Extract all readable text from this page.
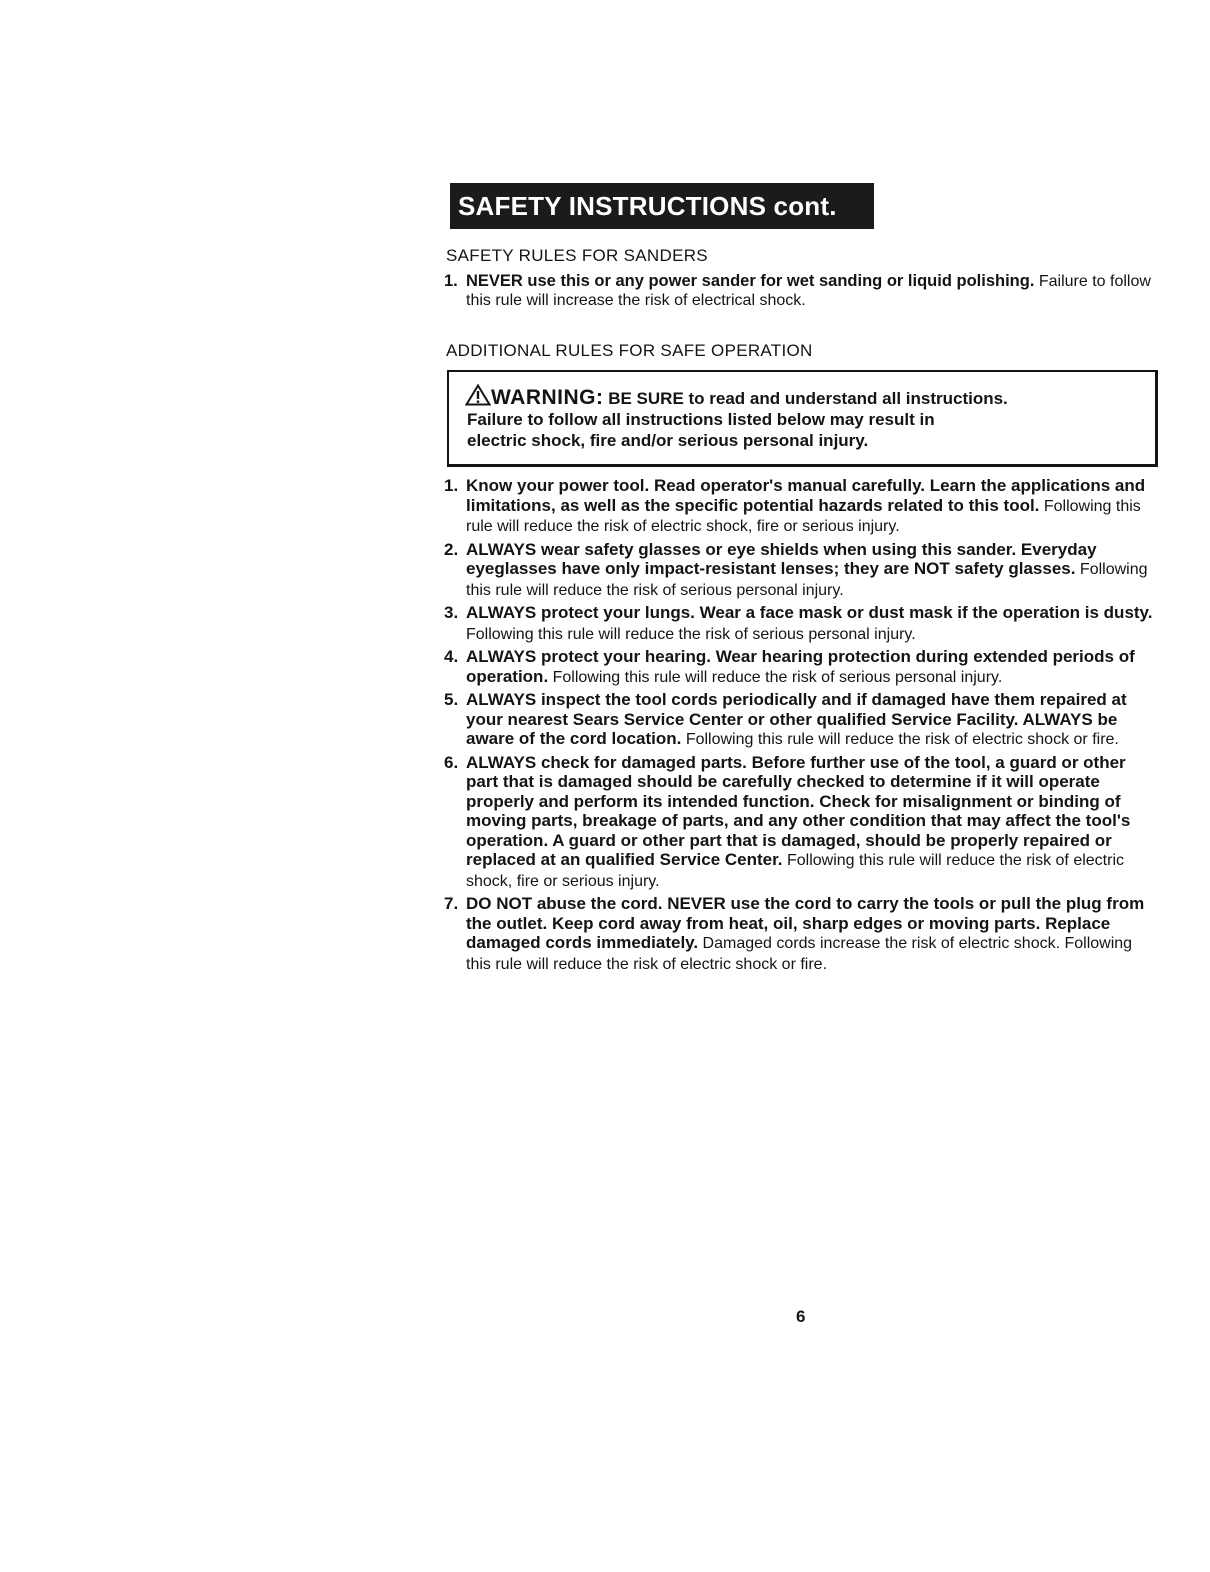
SAFETY INSTRUCTIONS cont.
SAFETY RULES FOR SANDERS
1. NEVER use this or any power sander for wet sanding or liquid polishing. Failure to follow this rule will increase the risk of electrical shock.
ADDITIONAL RULES FOR SAFE OPERATION
WARNING: BE SURE to read and understand all instructions.
Failure to follow all instructions listed below may result in
electric shock, fire and/or serious personal injury.
1. Know your power tool. Read operator's manual carefully. Learn the applications and limitations, as well as the specific potential hazards related to this tool. Following this rule will reduce the risk of electric shock, fire or serious injury.
2. ALWAYS wear safety glasses or eye shields when using this sander. Everyday eyeglasses have only impact-resistant lenses; they are NOT safety glasses. Following this rule will reduce the risk of serious personal injury.
3. ALWAYS protect your lungs. Wear a face mask or dust mask if the operation is dusty. Following this rule will reduce the risk of serious personal injury.
4. ALWAYS protect your hearing. Wear hearing protection during extended periods of operation. Following this rule will reduce the risk of serious personal injury.
5. ALWAYS inspect the tool cords periodically and if damaged have them repaired at your nearest Sears Service Center or other qualified Service Facility. ALWAYS be aware of the cord location. Following this rule will reduce the risk of electric shock or fire.
6. ALWAYS check for damaged parts. Before further use of the tool, a guard or other part that is damaged should be carefully checked to determine if it will operate properly and perform its intended function. Check for misalignment or binding of moving parts, breakage of parts, and any other condition that may affect the tool's operation. A guard or other part that is damaged, should be properly repaired or replaced at an qualified Service Center. Following this rule will reduce the risk of electric shock, fire or serious injury.
7. DO NOT abuse the cord. NEVER use the cord to carry the tools or pull the plug from the outlet. Keep cord away from heat, oil, sharp edges or moving parts. Replace damaged cords immediately. Damaged cords increase the risk of electric shock. Following this rule will reduce the risk of electric shock or fire.
6
